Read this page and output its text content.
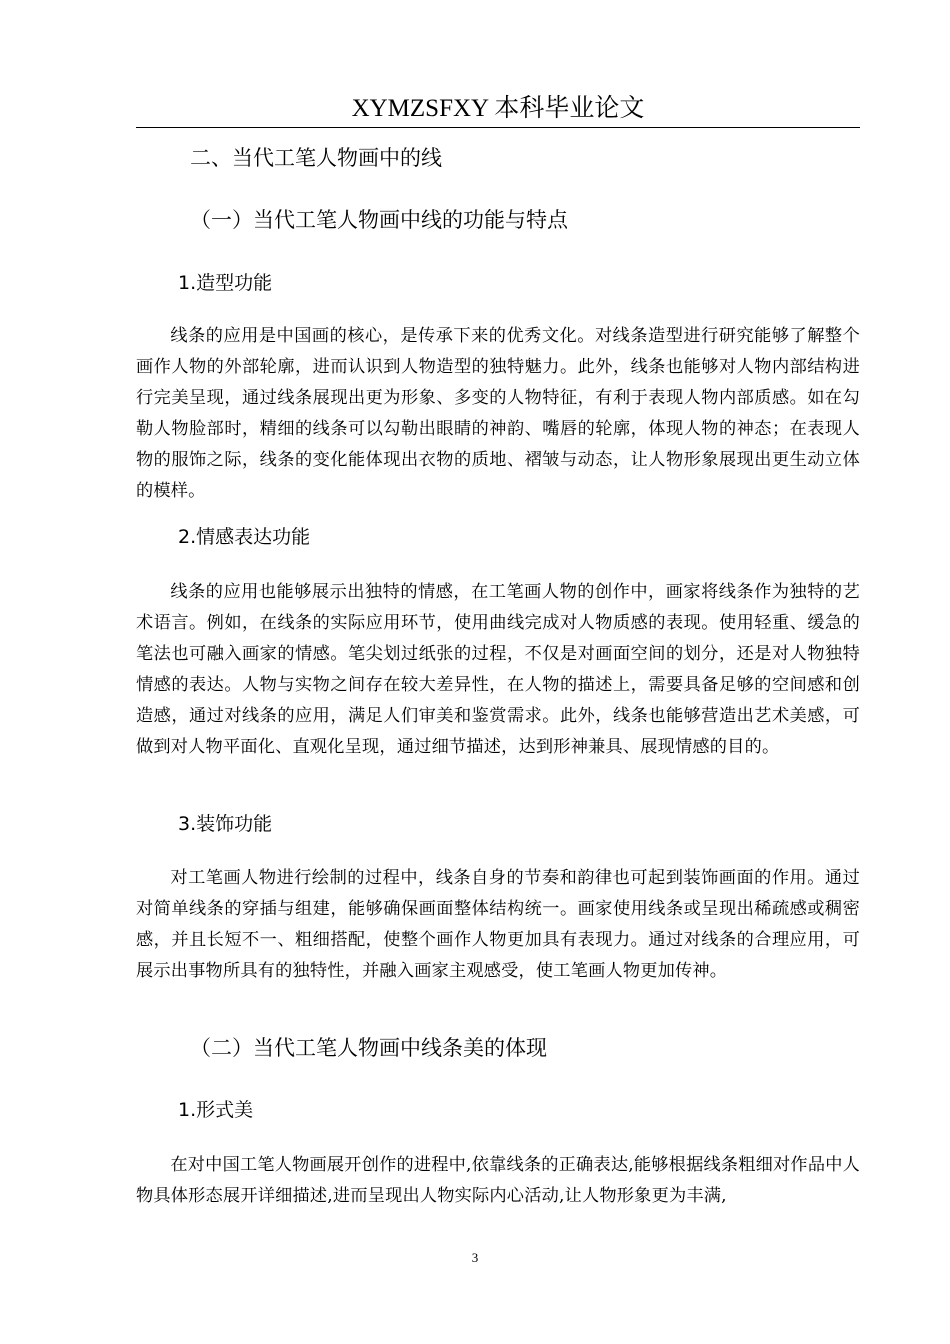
XYMZSFXY 本科毕业论文
二、当代工笔人物画中的线
（一）当代工笔人物画中线的功能与特点
1.造型功能
线条的应用是中国画的核心，是传承下来的优秀文化。对线条造型进行研究能够了解整个画作人物的外部轮廓，进而认识到人物造型的独特魅力。此外，线条也能够对人物内部结构进行完美呈现，通过线条展现出更为形象、多变的人物特征，有利于表现人物内部质感。如在勾勒人物脸部时，精细的线条可以勾勒出眼睛的神韵、嘴唇的轮廓，体现人物的神态；在表现人物的服饰之际，线条的变化能体现出衣物的质地、褶皱与动态，让人物形象展现出更生动立体的模样。
2.情感表达功能
线条的应用也能够展示出独特的情感，在工笔画人物的创作中，画家将线条作为独特的艺术语言。例如，在线条的实际应用环节，使用曲线完成对人物质感的表现。使用轻重、缓急的笔法也可融入画家的情感。笔尖划过纸张的过程，不仅是对画面空间的划分，还是对人物独特情感的表达。人物与实物之间存在较大差异性，在人物的描述上，需要具备足够的空间感和创造感，通过对线条的应用，满足人们审美和鉴赏需求。此外，线条也能够营造出艺术美感，可做到对人物平面化、直观化呈现，通过细节描述，达到形神兼具、展现情感的目的。
3.装饰功能
对工笔画人物进行绘制的过程中，线条自身的节奏和韵律也可起到装饰画面的作用。通过对简单线条的穿插与组建，能够确保画面整体结构统一。画家使用线条或呈现出稀疏感或稠密感，并且长短不一、粗细搭配，使整个画作人物更加具有表现力。通过对线条的合理应用，可展示出事物所具有的独特性，并融入画家主观感受，使工笔画人物更加传神。
（二）当代工笔人物画中线条美的体现
1.形式美
在对中国工笔人物画展开创作的进程中,依靠线条的正确表达,能够根据线条粗细对作品中人物具体形态展开详细描述,进而呈现出人物实际内心活动,让人物形象更为丰满,
3
